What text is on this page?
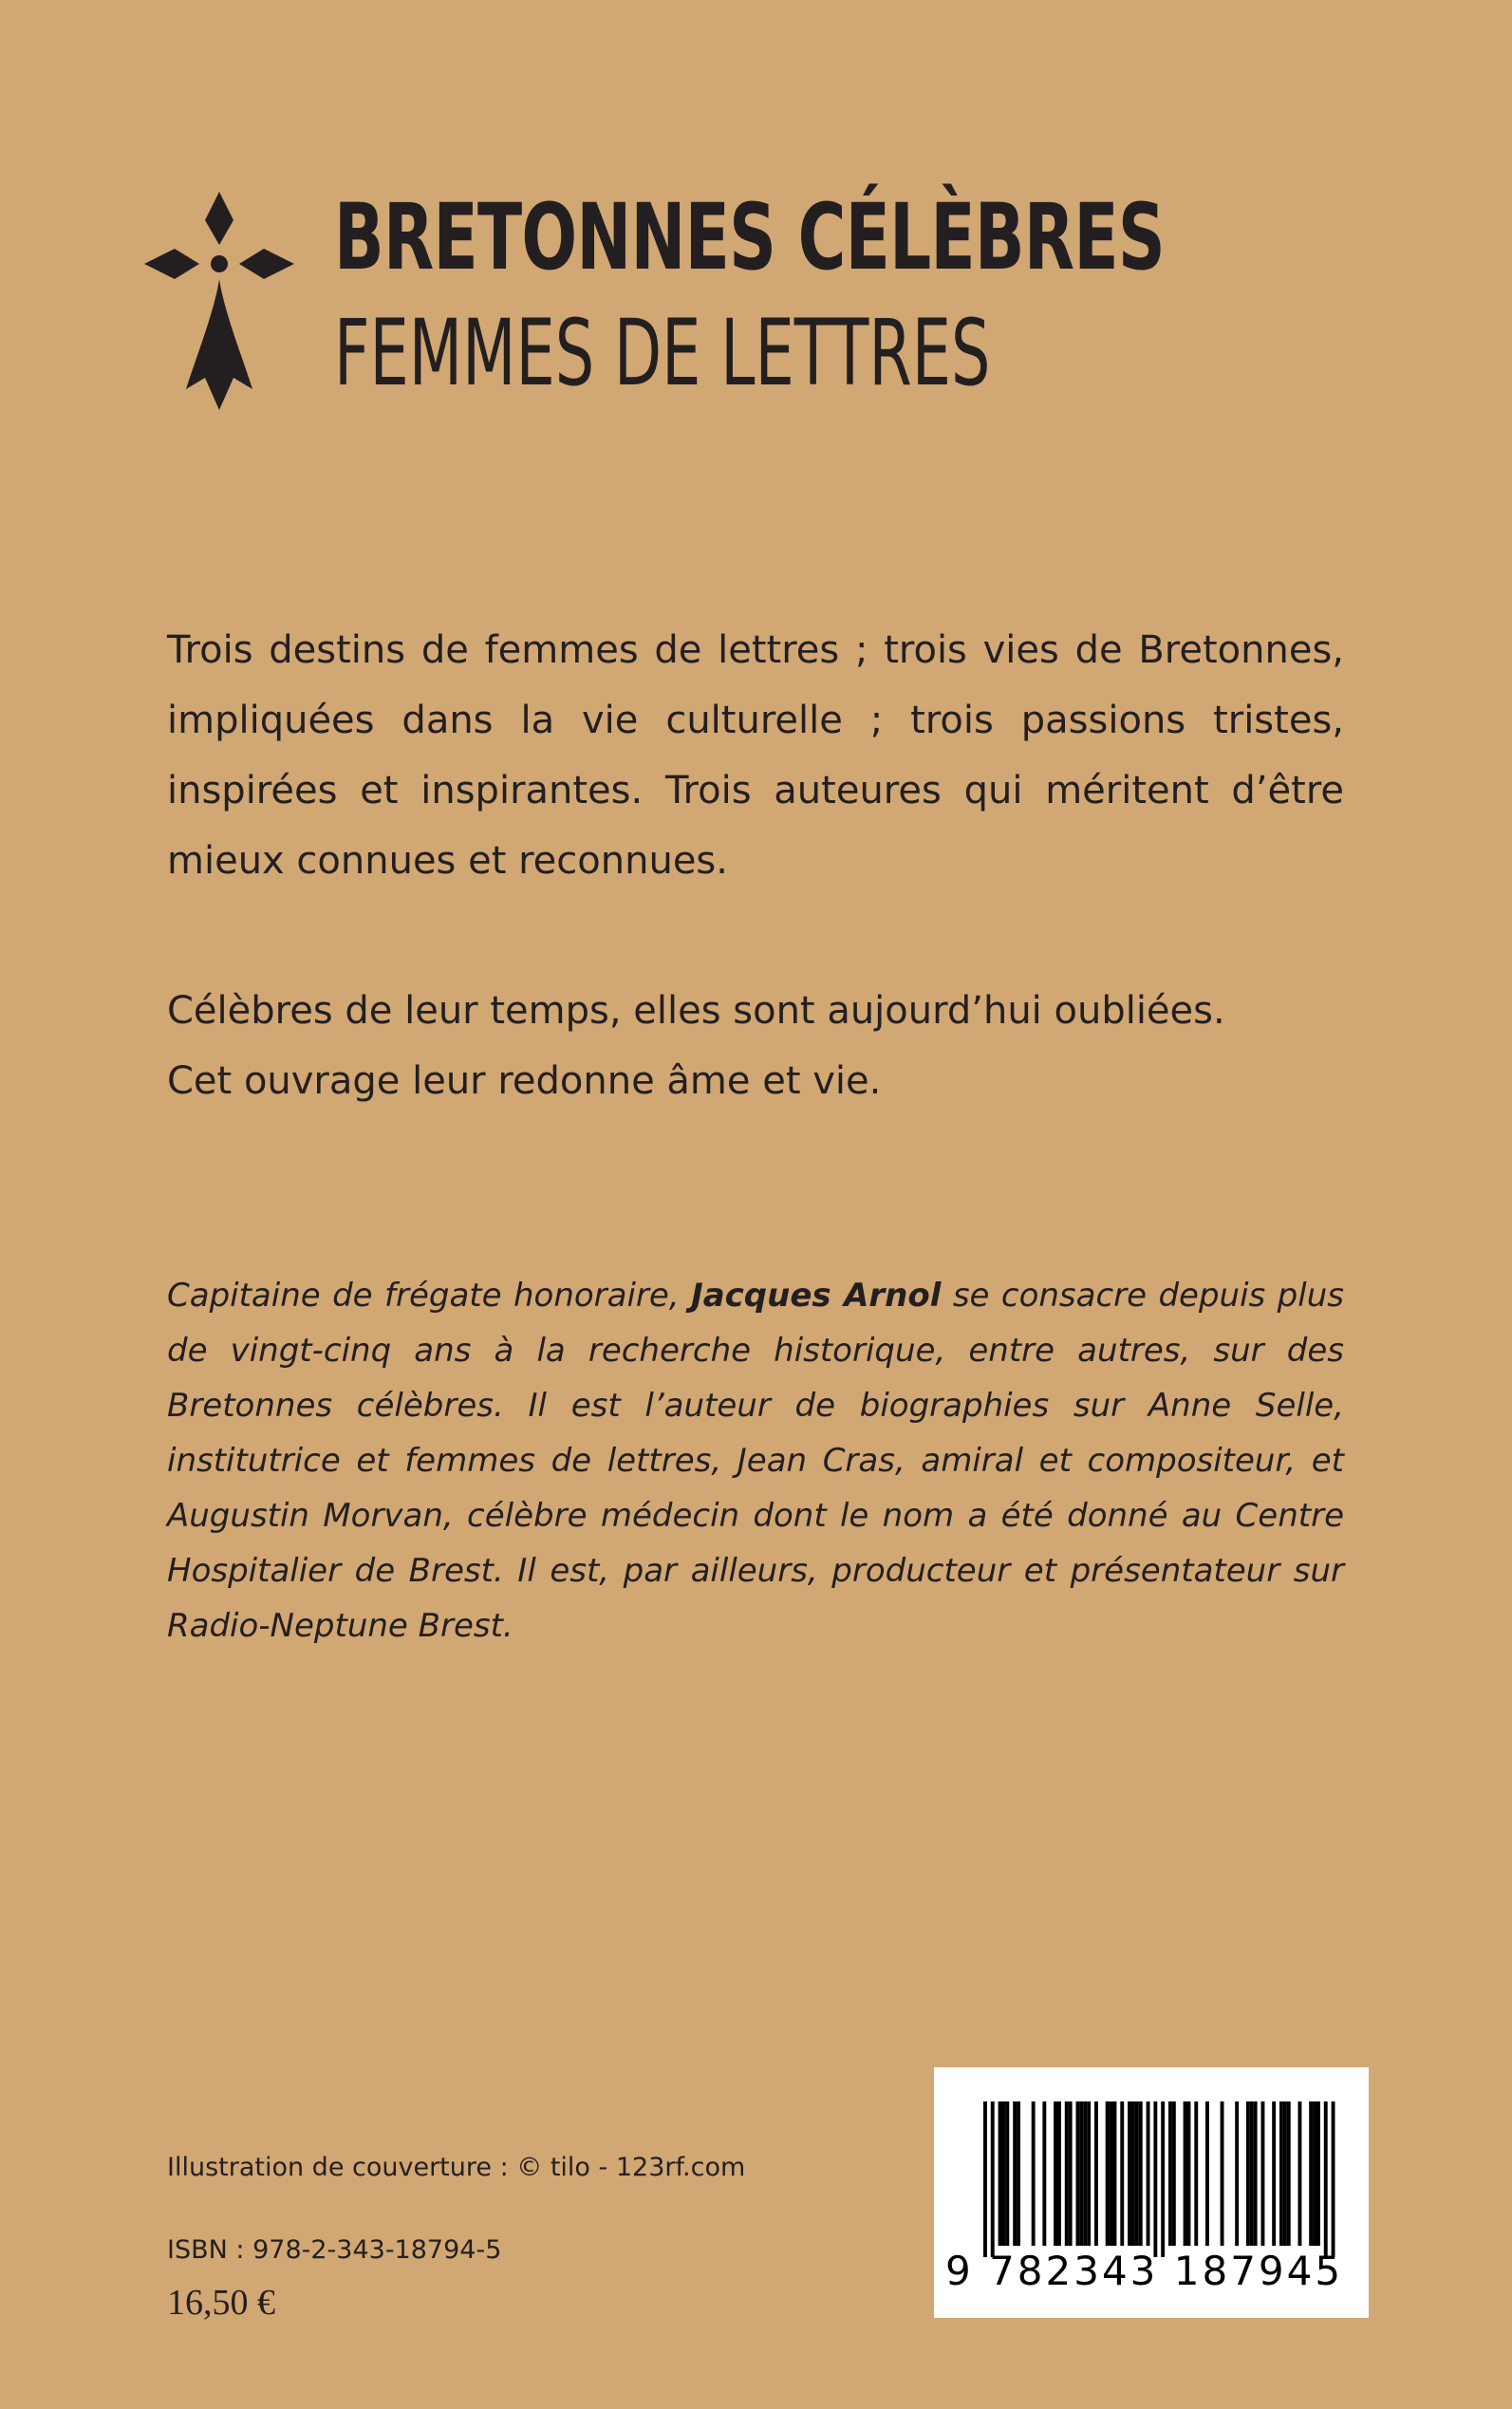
BRETONNES CÉLÈBRES
FEMMES DE LETTRES

Trois destins de femmes de lettres ; trois vies de Bretonnes, impliquées dans la vie culturelle ; trois passions tristes, inspirées et inspirantes. Trois auteures qui méritent d’être mieux connues et reconnues.

Célèbres de leur temps, elles sont aujourd’hui oubliées.
Cet ouvrage leur redonne âme et vie.

Capitaine de frégate honoraire, Jacques Arnol se consacre depuis plus de vingt-cinq ans à la recherche historique, entre autres, sur des Bretonnes célèbres. Il est l’auteur de biographies sur Anne Selle, institutrice et femmes de lettres, Jean Cras, amiral et compositeur, et Augustin Morvan, célèbre médecin dont le nom a été donné au Centre Hospitalier de Brest. Il est, par ailleurs, producteur et présentateur sur Radio-Neptune Brest.

Illustration de couverture : © tilo - 123rf.com
ISBN : 978-2-343-18794-5
16,50 €
9 782343 187945
